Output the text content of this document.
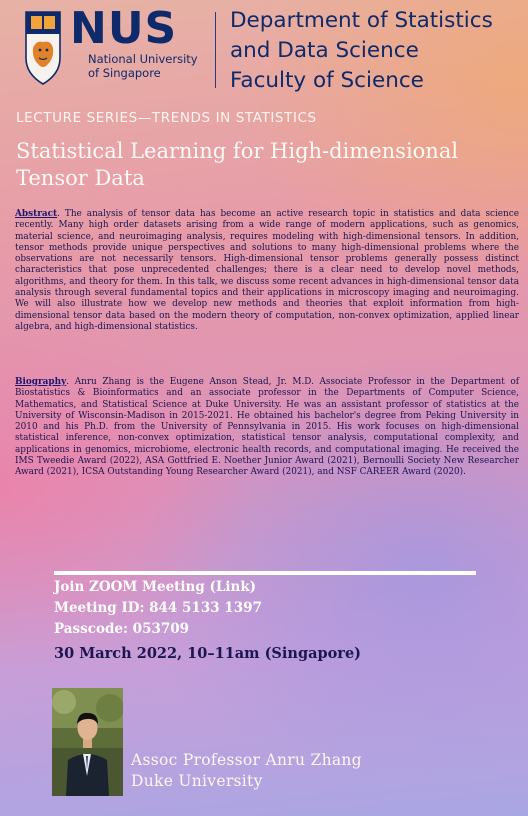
NUS
National University
of Singapore
Department of Statistics
and Data Science
Faculty of Science
LECTURE SERIES—TRENDS IN STATISTICS
Statistical Learning for High-dimensional Tensor Data
Abstract. The analysis of tensor data has become an active research topic in statistics and data science recently. Many high order datasets arising from a wide range of modern applications, such as genomics, material science, and neuroimaging analysis, requires modeling with high-dimensional tensors. In addition, tensor methods provide unique perspectives and solutions to many high-dimensional problems where the observations are not necessarily tensors. High-dimensional tensor problems generally possess distinct characteristics that pose unprecedented challenges; there is a clear need to develop novel methods, algorithms, and theory for them. In this talk, we discuss some recent advances in high-dimensional tensor data analysis through several fundamental topics and their applications in microscopy imaging and neuroimaging. We will also illustrate how we develop new methods and theories that exploit information from high-dimensional tensor data based on the modern theory of computation, non-convex optimization, applied linear algebra, and high-dimensional statistics.
Biography. Anru Zhang is the Eugene Anson Stead, Jr. M.D. Associate Professor in the Department of Biostatistics & Bioinformatics and an associate professor in the Departments of Computer Science, Mathematics, and Statistical Science at Duke University. He was an assistant professor of statistics at the University of Wisconsin-Madison in 2015-2021. He obtained his bachelor's degree from Peking University in 2010 and his Ph.D. from the University of Pennsylvania in 2015. His work focuses on high-dimensional statistical inference, non-convex optimization, statistical tensor analysis, computational complexity, and applications in genomics, microbiome, electronic health records, and computational imaging. He received the IMS Tweedie Award (2022), ASA Gottfried E. Noether Junior Award (2021), Bernoulli Society New Researcher Award (2021), ICSA Outstanding Young Researcher Award (2021), and NSF CAREER Award (2020).
Join ZOOM Meeting (Link)
Meeting ID: 844 5133 1397
Passcode: 053709
30 March 2022, 10–11am (Singapore)
Assoc Professor Anru Zhang
Duke University
